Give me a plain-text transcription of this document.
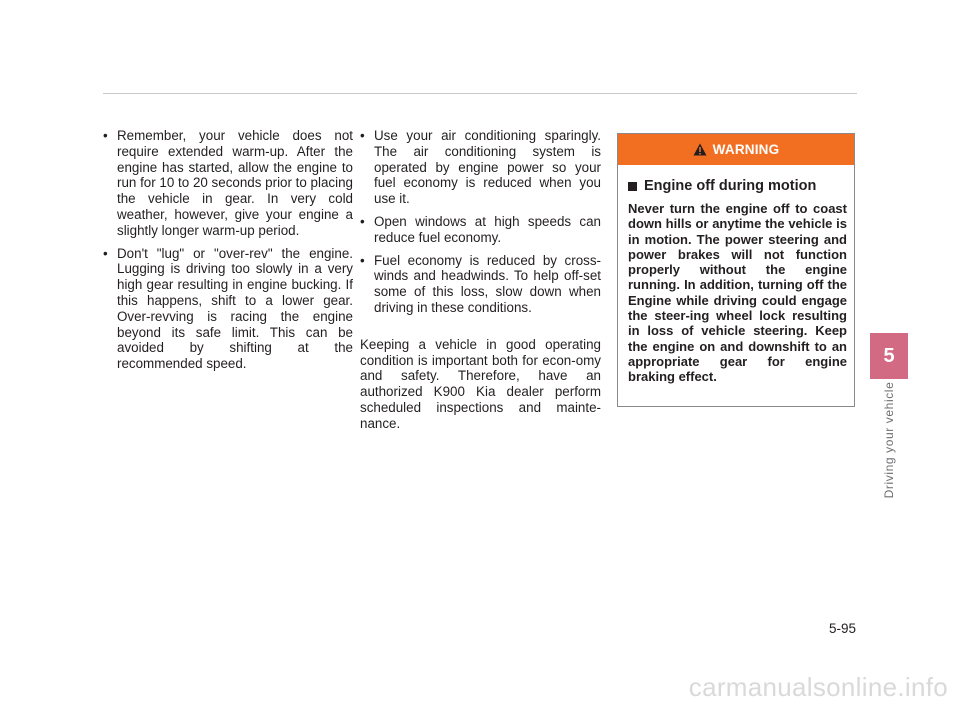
• Remember, your vehicle does not require extended warm-up. After the engine has started, allow the engine to run for 10 to 20 seconds prior to placing the vehicle in gear. In very cold weather, however, give your engine a slightly longer warm-up period.
• Don't "lug" or "over-rev" the engine. Lugging is driving too slowly in a very high gear resulting in engine bucking. If this happens, shift to a lower gear. Over-revving is racing the engine beyond its safe limit. This can be avoided by shifting at the recommended speed.
• Use your air conditioning sparingly. The air conditioning system is operated by engine power so your fuel economy is reduced when you use it.
• Open windows at high speeds can reduce fuel economy.
• Fuel economy is reduced by cross-winds and headwinds. To help off-set some of this loss, slow down when driving in these conditions.

Keeping a vehicle in good operating condition is important both for econ-omy and safety. Therefore, have an authorized K900 Kia dealer perform scheduled inspections and mainte-nance.

WARNING
Engine off during motion
Never turn the engine off to coast down hills or anytime the vehicle is in motion. The power steering and power brakes will not function properly without the engine running. In addition, turning off the Engine while driving could engage the steer-ing wheel lock resulting in loss of vehicle steering. Keep the engine on and downshift to an appropriate gear for engine braking effect.
5
Driving your vehicle
5-95
carmanualsonline.info
